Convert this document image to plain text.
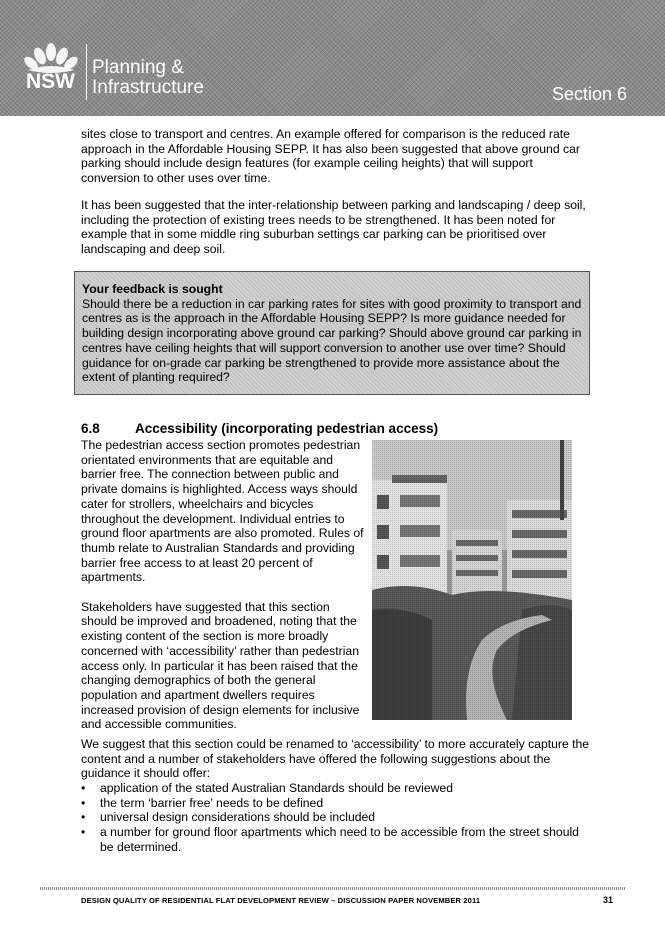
NSW
Planning &
Infrastructure	Section 6

sites close to transport and centres. An example offered for comparison is the reduced rate approach in the Affordable Housing SEPP. It has also been suggested that above ground car parking should include design features (for example ceiling heights) that will support conversion to other uses over time.

It has been suggested that the inter-relationship between parking and landscaping / deep soil, including the protection of existing trees needs to be strengthened. It has been noted for example that in some middle ring suburban settings car parking can be prioritised over landscaping and deep soil.

Your feedback is sought
Should there be a reduction in car parking rates for sites with good proximity to transport and centres as is the approach in the Affordable Housing SEPP? Is more guidance needed for building design incorporating above ground car parking? Should above ground car parking in centres have ceiling heights that will support conversion to another use over time? Should guidance for on-grade car parking be strengthened to provide more assistance about the extent of planting required?
6.8	Accessibility (incorporating pedestrian access)

The pedestrian access section promotes pedestrian orientated environments that are equitable and barrier free. The connection between public and private domains is highlighted. Access ways should cater for strollers, wheelchairs and bicycles throughout the development. Individual entries to ground floor apartments are also promoted. Rules of thumb relate to Australian Standards and providing barrier free access to at least 20 percent of apartments.

Stakeholders have suggested that this section should be improved and broadened, noting that the existing content of the section is more broadly concerned with ‘accessibility’ rather than pedestrian access only. In particular it has been raised that the changing demographics of both the general population and apartment dwellers requires increased provision of design elements for inclusive and accessible communities.

We suggest that this section could be renamed to ‘accessibility’ to more accurately capture the content and a number of stakeholders have offered the following suggestions about the guidance it should offer:

• application of the stated Australian Standards should be reviewed
• the term ‘barrier free’ needs to be defined
• universal design considerations should be included
• a number for ground floor apartments which need to be accessible from the street should be determined.
DESIGN QUALITY OF RESIDENTIAL FLAT DEVELOPMENT REVIEW – DISCUSSION PAPER NOVEMBER 2011	31
